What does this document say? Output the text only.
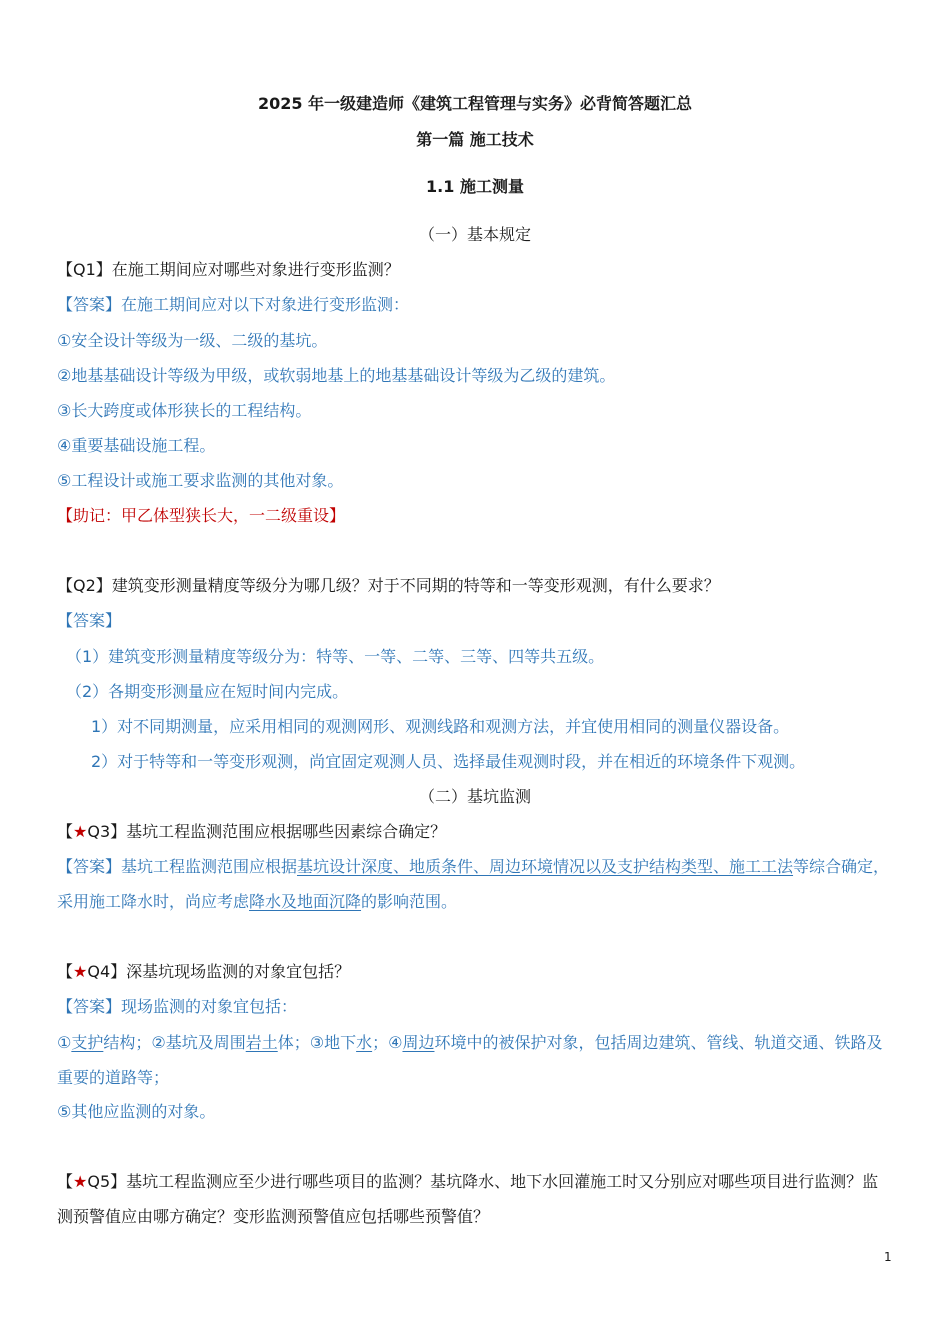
2025 年一级建造师《建筑工程管理与实务》必背简答题汇总
第一篇 施工技术
1.1 施工测量
（一）基本规定
【Q1】在施工期间应对哪些对象进行变形监测？
【答案】在施工期间应对以下对象进行变形监测：
①安全设计等级为一级、二级的基坑。
②地基基础设计等级为甲级，或软弱地基上的地基基础设计等级为乙级的建筑。
③长大跨度或体形狭长的工程结构。
④重要基础设施工程。
⑤工程设计或施工要求监测的其他对象。
【助记：甲乙体型狭长大，一二级重设】
【Q2】建筑变形测量精度等级分为哪几级？对于不同期的特等和一等变形观测，有什么要求？
【答案】
（1）建筑变形测量精度等级分为：特等、一等、二等、三等、四等共五级。
（2）各期变形测量应在短时间内完成。
1）对不同期测量，应采用相同的观测网形、观测线路和观测方法，并宜使用相同的测量仪器设备。
2）对于特等和一等变形观测，尚宜固定观测人员、选择最佳观测时段，并在相近的环境条件下观测。
（二）基坑监测
【★Q3】基坑工程监测范围应根据哪些因素综合确定？
【答案】基坑工程监测范围应根据基坑设计深度、地质条件、周边环境情况以及支护结构类型、施工工法等综合确定，采用施工降水时，尚应考虑降水及地面沉降的影响范围。
【★Q4】深基坑现场监测的对象宜包括？
【答案】现场监测的对象宜包括：
①支护结构；②基坑及周围岩土体；③地下水；④周边环境中的被保护对象，包括周边建筑、管线、轨道交通、铁路及重要的道路等；
⑤其他应监测的对象。
【★Q5】基坑工程监测应至少进行哪些项目的监测？基坑降水、地下水回灌施工时又分别应对哪些项目进行监测？监测预警值应由哪方确定？变形监测预警值应包括哪些预警值？
1
